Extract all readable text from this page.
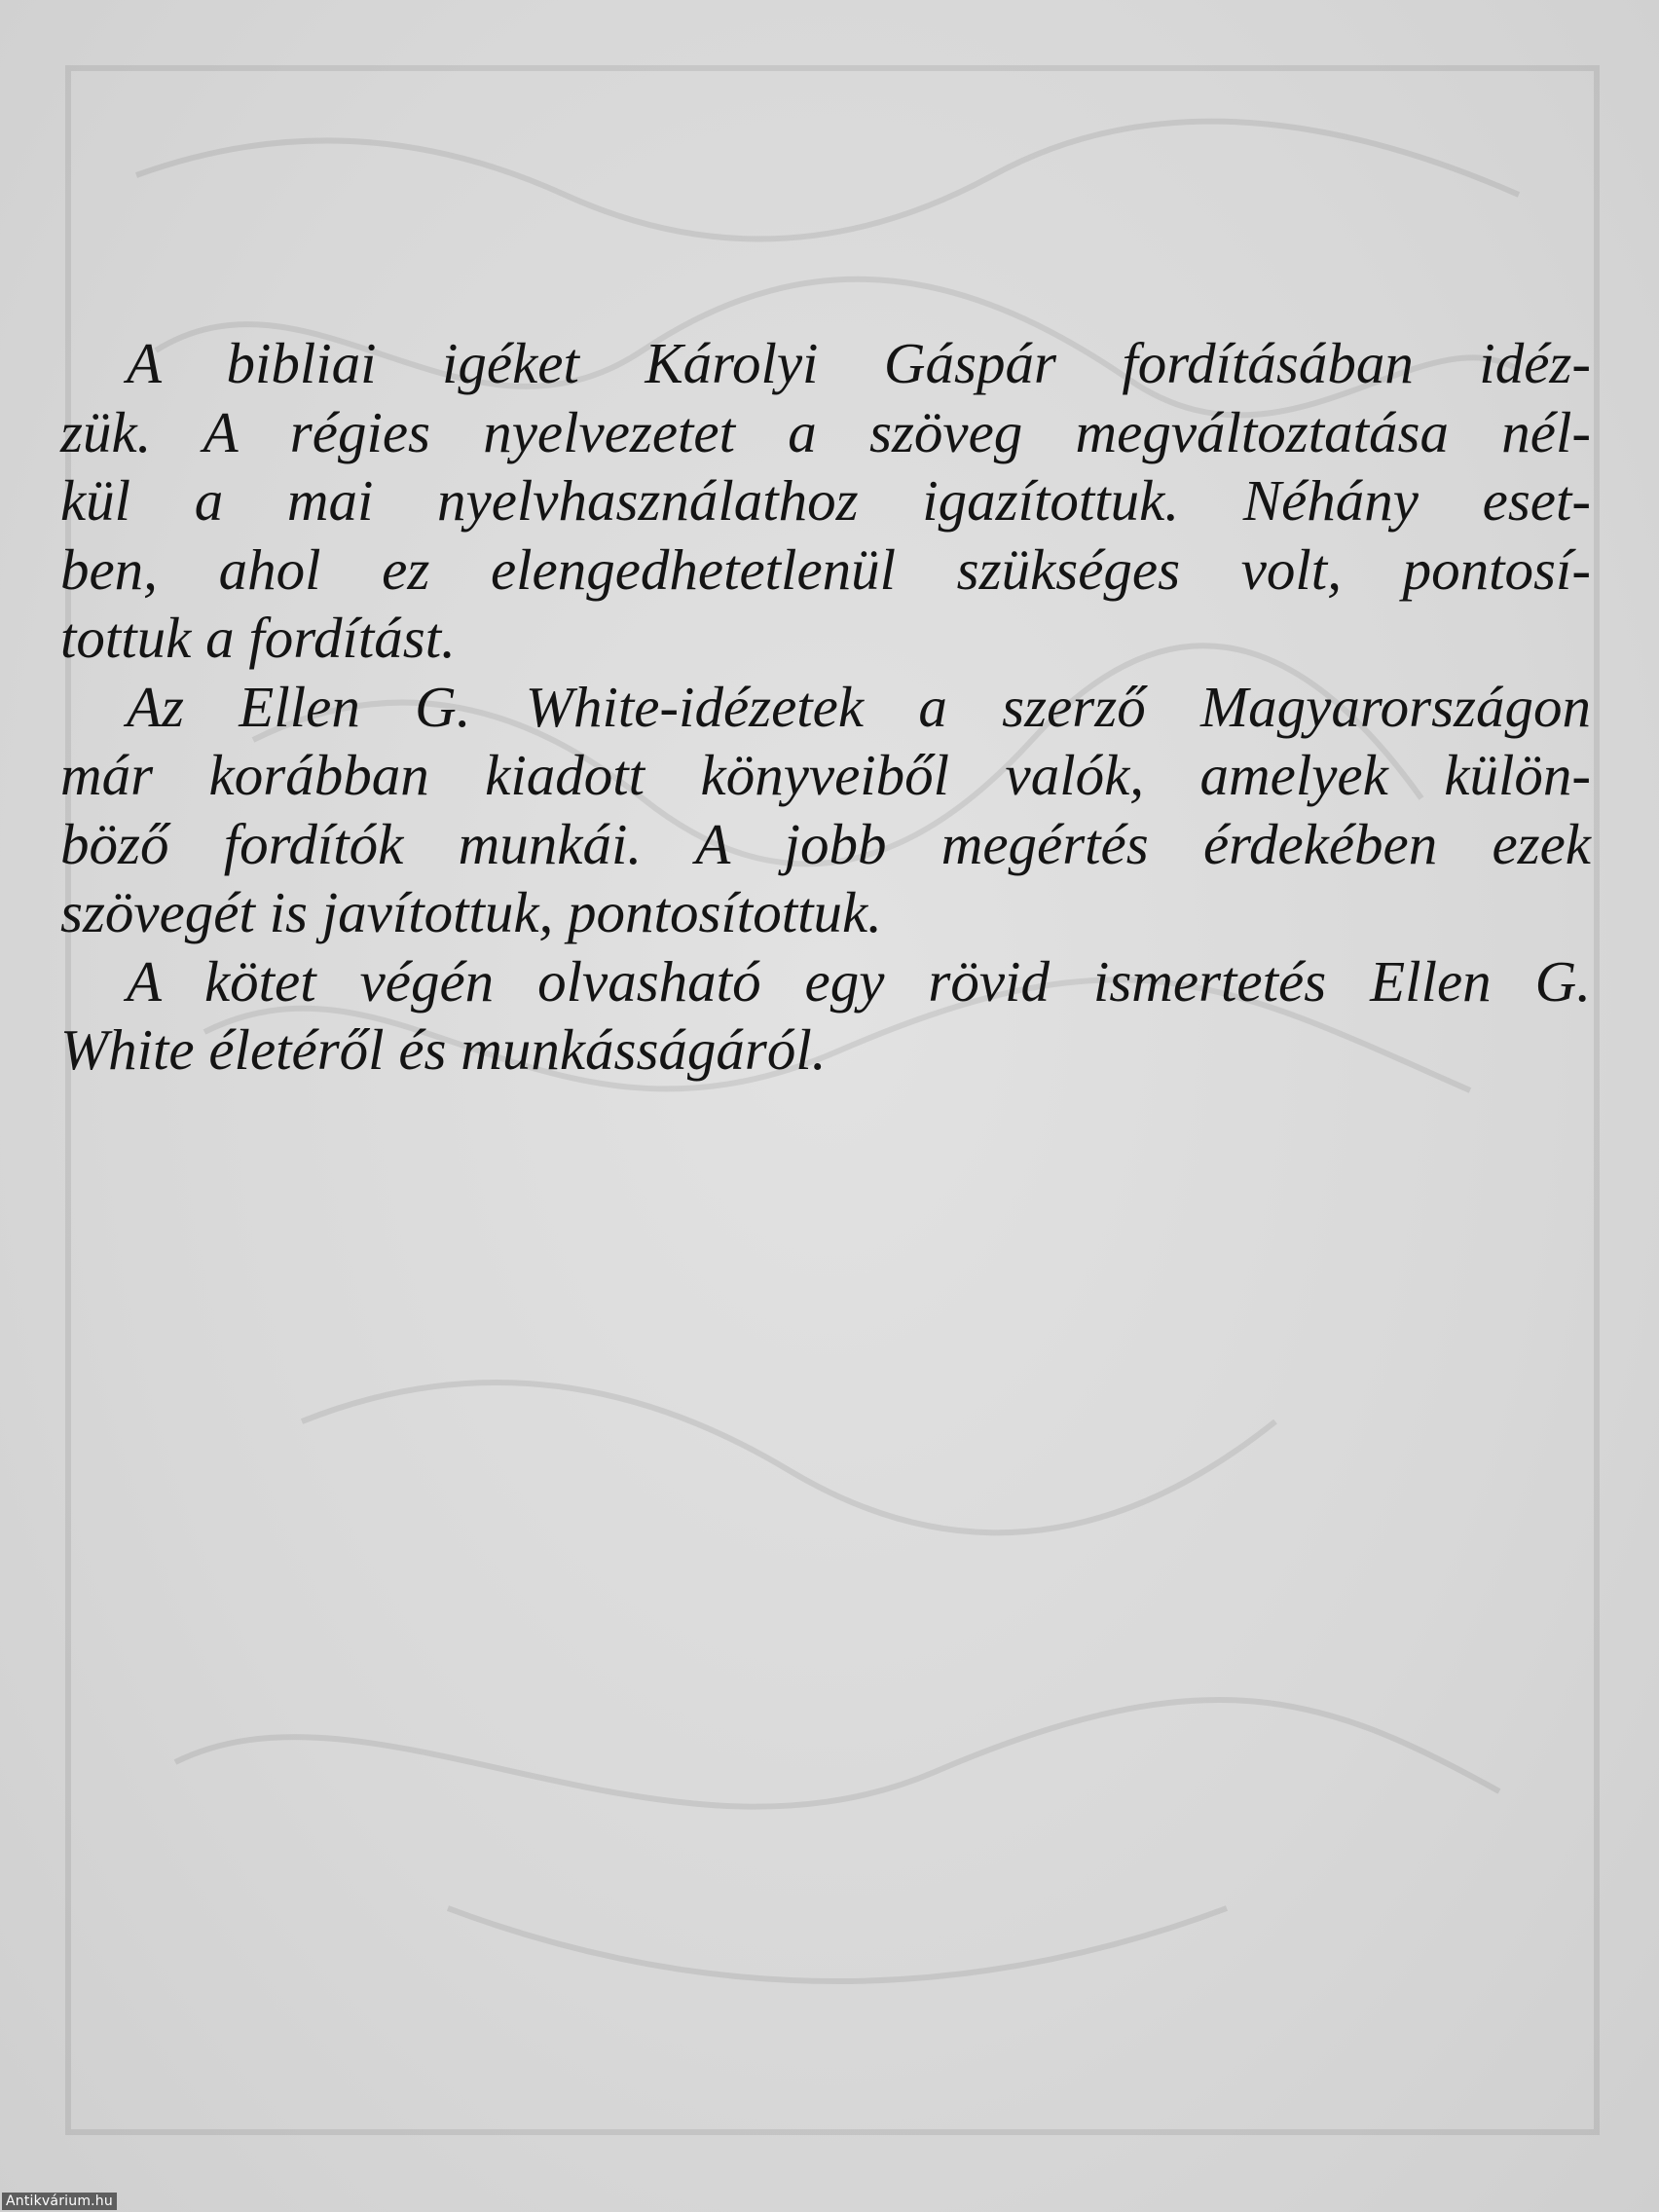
A bibliai igéket Károlyi Gáspár fordításában idéz-
zük. A régies nyelvezetet a szöveg megváltoztatása nél-
kül a mai nyelvhasználathoz igazítottuk. Néhány eset-
ben, ahol ez elengedhetetlenül szükséges volt, pontosí-
tottuk a fordítást.

Az Ellen G. White-idézetek a szerző Magyarországon
már korábban kiadott könyveiből valók, amelyek külön-
böző fordítók munkái. A jobb megértés érdekében ezek
szövegét is javítottuk, pontosítottuk.

A kötet végén olvasható egy rövid ismertetés Ellen G.
White életéről és munkásságáról.

Antikvárium.hu
